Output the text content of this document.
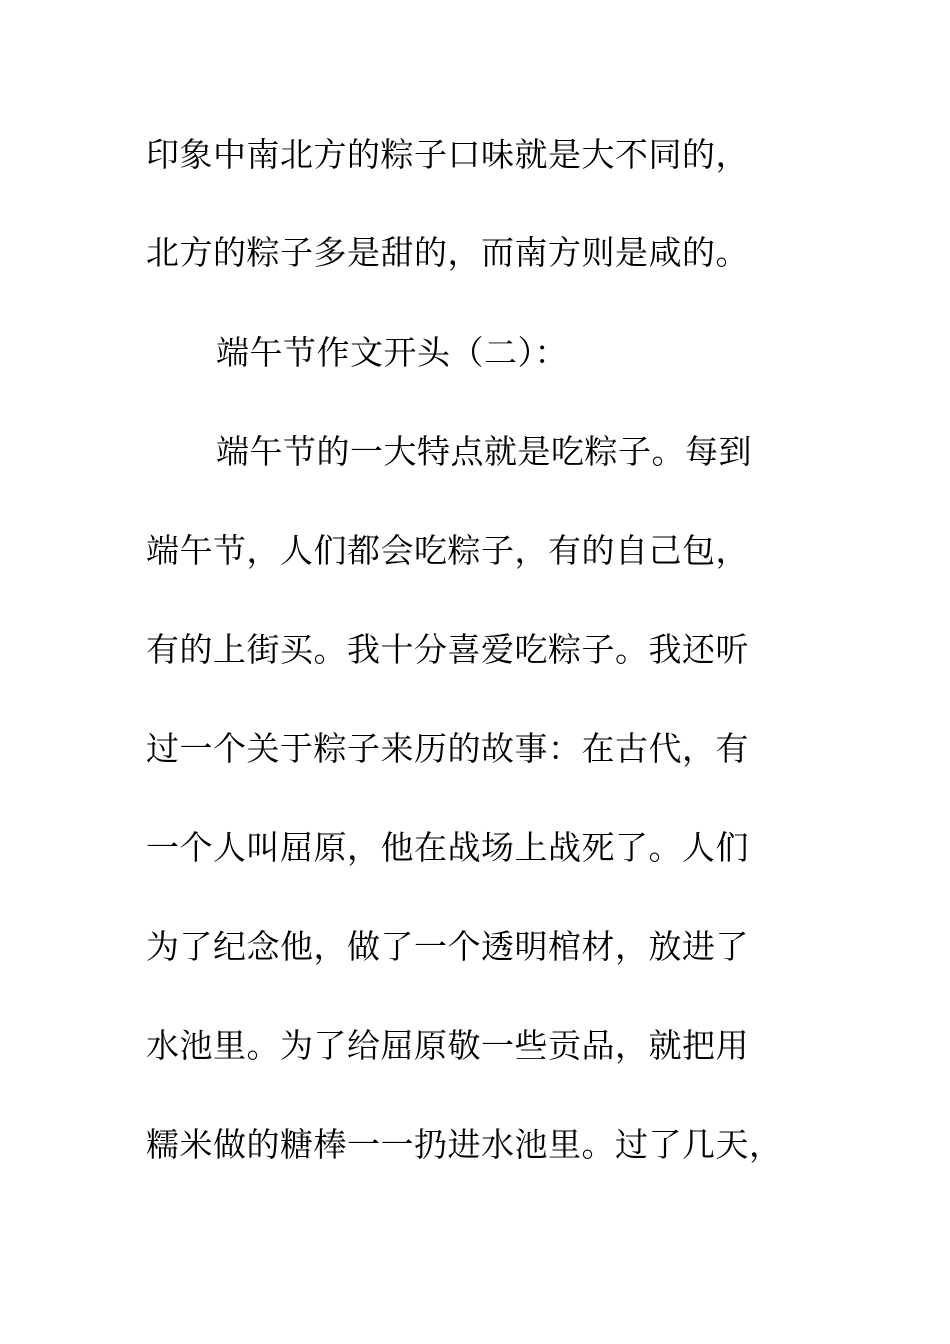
印象中南北方的粽子口味就是大不同的，
北方的粽子多是甜的，而南方则是咸的。
端午节作文开头（二）：
端午节的一大特点就是吃粽子。每到
端午节，人们都会吃粽子，有的自己包，
有的上街买。我十分喜爱吃粽子。我还听
过一个关于粽子来历的故事：在古代，有
一个人叫屈原，他在战场上战死了。人们
为了纪念他，做了一个透明棺材，放进了
水池里。为了给屈原敬一些贡品，就把用
糯米做的糖棒一一扔进水池里。过了几天，
